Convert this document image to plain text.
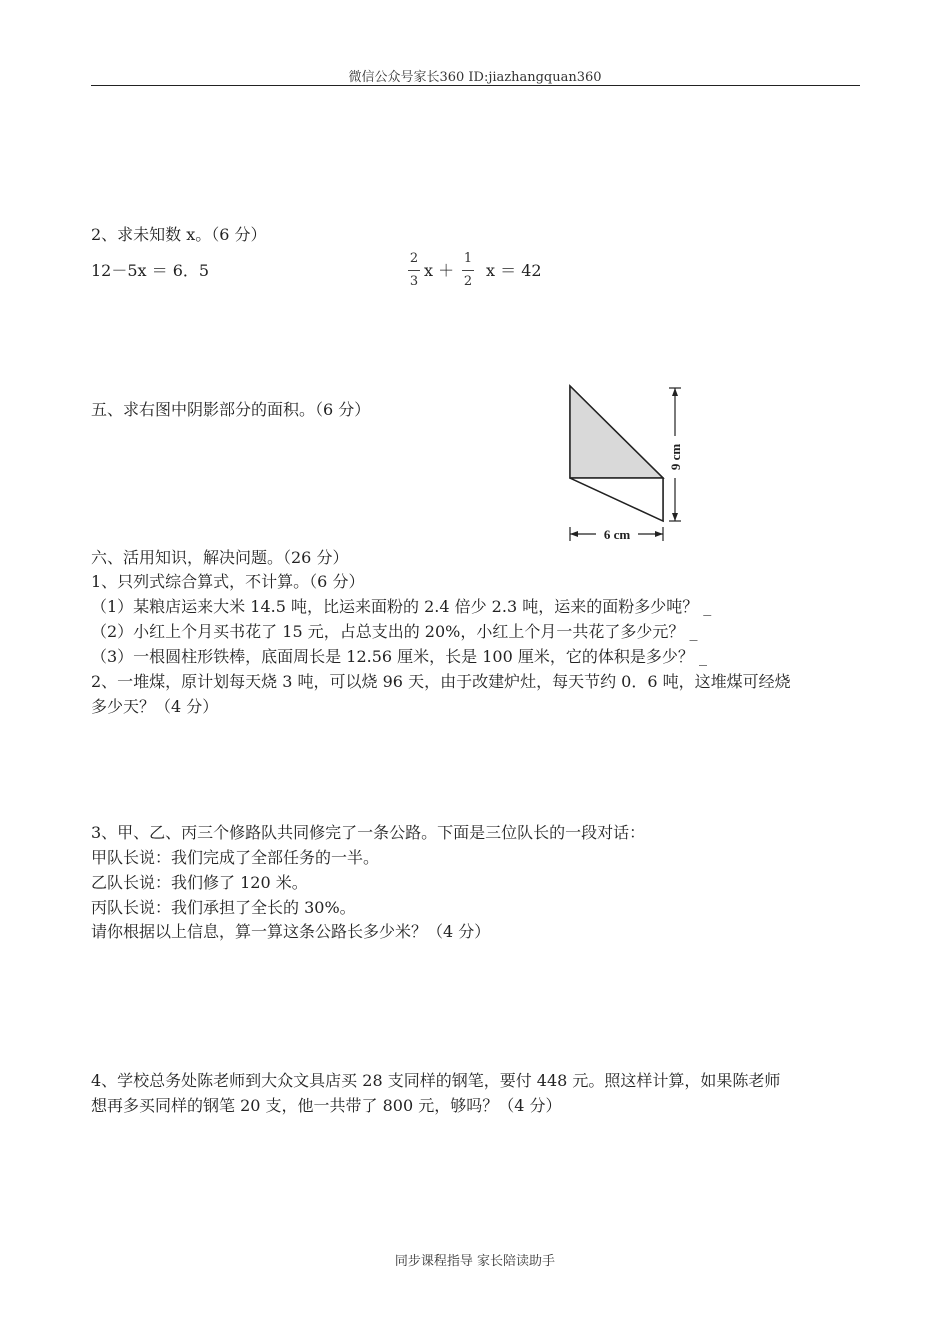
微信公众号家长360 ID:jiazhangquan360
2、求未知数 x。（6 分）
12－5x ＝ 6．5
2
3
x ＋
1
2
x ＝ 42
五、求右图中阴影部分的面积。（6 分）
9 cm
6 cm
六、活用知识，解决问题。（26 分）
1、只列式综合算式，不计算。（6 分）
（1）某粮店运来大米 14.5 吨，比运来面粉的 2.4 倍少 2.3 吨，运来的面粉多少吨？ _
（2）小红上个月买书花了 15 元，占总支出的 20%，小红上个月一共花了多少元？ _
（3）一根圆柱形铁棒，底面周长是 12.56 厘米，长是 100 厘米，它的体积是多少？ _
2、一堆煤，原计划每天烧 3 吨，可以烧 96 天，由于改建炉灶，每天节约 0．6 吨，这堆煤可经烧
多少天？（4 分）
3、甲、乙、丙三个修路队共同修完了一条公路。下面是三位队长的一段对话：
甲队长说：我们完成了全部任务的一半。
乙队长说：我们修了 120 米。
丙队长说：我们承担了全长的 30%。
请你根据以上信息，算一算这条公路长多少米？（4 分）
4、学校总务处陈老师到大众文具店买 28 支同样的钢笔，要付 448 元。照这样计算，如果陈老师
想再多买同样的钢笔 20 支，他一共带了 800 元，够吗？（4 分）
同步课程指导 家长陪读助手
